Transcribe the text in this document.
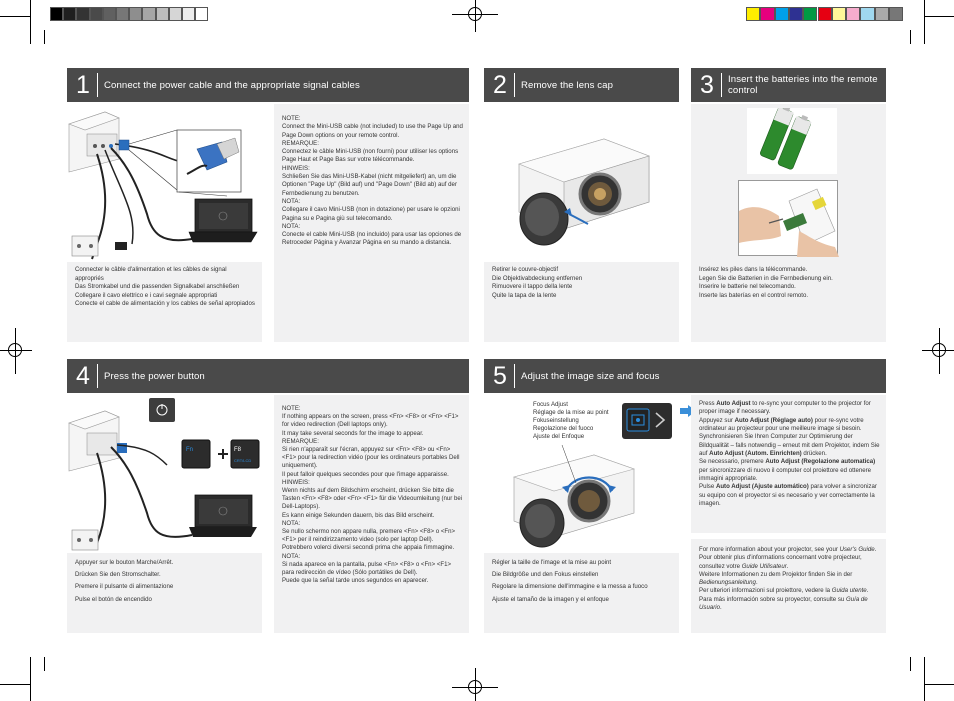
1	Connect the power cable and the appropriate signal cables
Connecter le câble d'alimentation et les câbles de signal appropriés
Das Stromkabel und die passenden Signalkabel anschließen
Collegare il cavo elettrico e i cavi segnale appropriati
Conecte el cable de alimentación y los cables de señal apropiados
NOTE:
Connect the Mini-USB cable (not included) to use the Page Up and Page Down options on your remote control.
REMARQUE:
Connectez le câble Mini-USB (non fourni) pour utiliser les options Page Haut et Page Bas sur votre télécommande.
HINWEIS:
Schließen Sie das Mini-USB-Kabel (nicht mitgeliefert) an, um die Optionen "Page Up" (Bild auf) und "Page Down" (Bild ab) auf der Fernbedienung zu benutzen.
NOTA:
Collegare il cavo Mini-USB (non in dotazione) per usare le opzioni Pagina su e Pagina giù sul telecomando.
NOTA:
Conecte el cable Mini-USB (no incluido) para usar las opciones de Retroceder Página y Avanzar Página en su mando a distancia.
2	Remove the lens cap
Retirer le couvre-objectif
Die Objektivabdeckung entfernen
Rimuovere il tappo della lente
Quite la tapa de la lente
3	Insert the batteries into the remote control
Insérez les piles dans la télécommande.
Legen Sie die Batterien in die Fernbedienung ein.
Inserire le batterie nel telecomando.
Inserte las baterías en el control remoto.
4	Press the power button
Fn	F8
CRT/LCD
Appuyer sur le bouton Marche/Arrêt.
Drücken Sie den Stromschalter.
Premere il pulsante di alimentazione
Pulse el botón de encendido
NOTE:
If nothing appears on the screen, press <Fn> <F8> or <Fn> <F1> for video redirection (Dell laptops only).
It may take several seconds for the image to appear.
REMARQUE:
Si rien n'apparaît sur l'écran, appuyez sur <Fn> <F8> ou <Fn> <F1> pour la redirection vidéo (pour les ordinateurs portables Dell uniquement).
Il peut falloir quelques secondes pour que l'image apparaisse.
HINWEIS:
Wenn nichts auf dem Bildschirm erscheint, drücken Sie bitte die Tasten <Fn> <F8> oder <Fn> <F1> für die Videoumleitung (nur bei Dell-Laptops).
Es kann einige Sekunden dauern, bis das Bild erscheint.
NOTA:
Se nullo schermo non appare nulla, premere <Fn> <F8> o <Fn> <F1> per il reindirizzamento video (solo per laptop Dell).
Potrebbero volerci diversi secondi prima che appaia l'immagine.
NOTA:
Si nada aparece en la pantalla, pulse <Fn> <F8> o <Fn> <F1> para redirección de vídeo (Sólo portátiles de Dell).
Puede que la señal tarde unos segundos en aparecer.
5	Adjust the image size and focus
Focus Adjust
Réglage de la mise au point
Fokuseinstellung
Regolazione del fuoco
Ajuste del Enfoque
Régler la taille de l'image et la mise au point
Die Bildgröße und den Fokus einstellen
Regolare la dimensione dell'immagine e la messa a fuoco
Ajuste el tamaño de la imagen y el enfoque
Press Auto Adjust to re-sync your computer to the projector for proper image if necessary.
Appuyez sur Auto Adjust (Réglage auto) pour re-sync votre ordinateur au projecteur pour une meilleure image si besoin.
Synchronisieren Sie Ihren Computer zur Optimierung der Bildqualität – falls notwendig – erneut mit dem Projektor, indem Sie auf Auto Adjust (Autom. Einrichten) drücken.
Se necessario, premere Auto Adjust (Regolazione automatica) per sincronizzare di nuovo il computer col proiettore ed ottenere immagini appropriate.
Pulse Auto Adjust (Ajuste automático) para volver a sincronizar su equipo con el proyector si es necesario y ver correctamente la imagen.
For more information about your projector, see your User's Guide.
Pour obtenir plus d'informations concernant votre projecteur, consultez votre Guide Utilisateur.
Weitere Informationen zu dem Projektor finden Sie in der Bedienungsanleitung.
Per ulteriori informazioni sul proiettore, vedere la Guida utente.
Para más información sobre su proyector, consulte su Guía de Usuario.
